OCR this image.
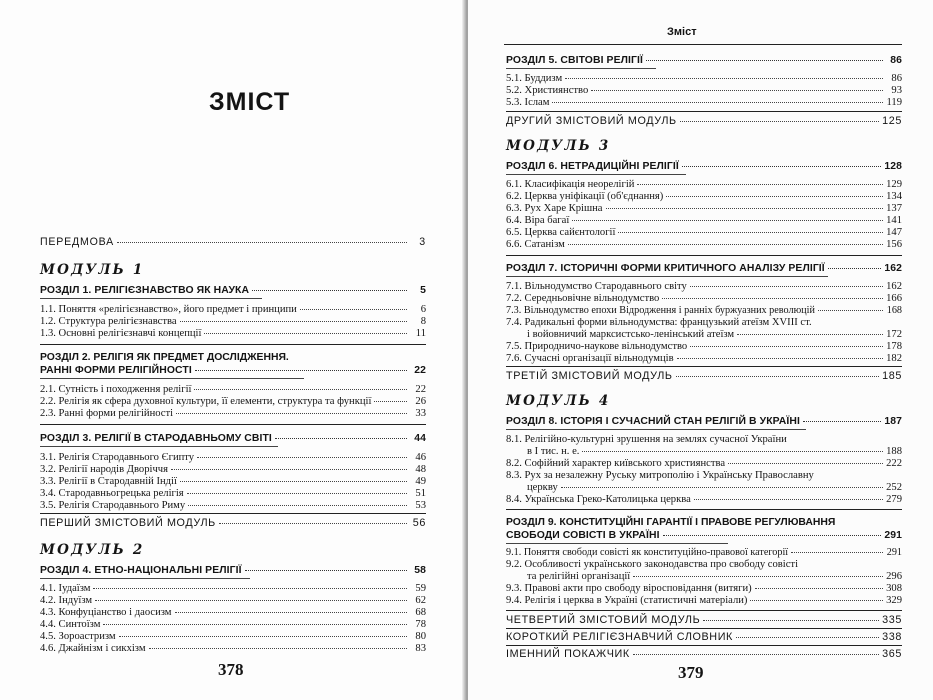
ЗМІСТ
ПЕРЕДМОВА	3
МОДУЛЬ 1
РОЗДІЛ 1. РЕЛІГІЄЗНАВСТВО ЯК НАУКА	5
1.1. Поняття «релігієзнавство», його предмет і принципи	6
1.2. Структура релігієзнавства	8
1.3. Основні релігієзнавчі концепції	11
РОЗДІЛ 2. РЕЛІГІЯ ЯК ПРЕДМЕТ ДОСЛІДЖЕННЯ.
РАННІ ФОРМИ РЕЛІГІЙНОСТІ	22
2.1. Сутність і походження релігії	22
2.2. Релігія як сфера духовної культури, її елементи, структура та функції	26
2.3. Ранні форми релігійності	33
РОЗДІЛ 3. РЕЛІГІЇ В СТАРОДАВНЬОМУ СВІТІ	44
3.1. Релігія Стародавнього Єгипту	46
3.2. Релігії народів Дворіччя	48
3.3. Релігії в Стародавній Індії	49
3.4. Стародавньогрецька релігія	51
3.5. Релігія Стародавнього Риму	53
ПЕРШИЙ ЗМІСТОВИЙ МОДУЛЬ	56
МОДУЛЬ 2
РОЗДІЛ 4. ЕТНО-НАЦІОНАЛЬНІ РЕЛІГІЇ	58
4.1. Іудаїзм	59
4.2. Індуїзм	62
4.3. Конфуціанство і даосизм	68
4.4. Синтоїзм	78
4.5. Зороастризм	80
4.6. Джайнізм і сикхізм	83
378
Зміст
РОЗДІЛ 5. СВІТОВІ РЕЛІГІЇ	86
5.1. Буддизм	86
5.2. Християнство	93
5.3. Іслам	119
ДРУГИЙ ЗМІСТОВИЙ МОДУЛЬ	125
МОДУЛЬ 3
РОЗДІЛ 6. НЕТРАДИЦІЙНІ РЕЛІГІЇ	128
6.1. Класифікація неорелігій	129
6.2. Церква уніфікації (об'єднання)	134
6.3. Рух Харе Крішна	137
6.4. Віра багаї	141
6.5. Церква сайєнтології	147
6.6. Сатанізм	156
РОЗДІЛ 7. ІСТОРИЧНІ ФОРМИ КРИТИЧНОГО АНАЛІЗУ РЕЛІГІЇ	162
7.1. Вільнодумство Стародавнього світу	162
7.2. Середньовічне вільнодумство	166
7.3. Вільнодумство епохи Відродження і ранніх буржуазних революцій	168
7.4. Радикальні форми вільнодумства: французький атеїзм XVIII ст.
і войовничий марксистсько-ленінський атеїзм	172
7.5. Природничо-наукове вільнодумство	178
7.6. Сучасні організації вільнодумців	182
ТРЕТІЙ ЗМІСТОВИЙ МОДУЛЬ	185
МОДУЛЬ 4
РОЗДІЛ 8. ІСТОРІЯ І СУЧАСНИЙ СТАН РЕЛІГІЙ В УКРАЇНІ	187
8.1. Релігійно-культурні зрушення на землях сучасної України
в І тис. н. е.	188
8.2. Софійний характер київського християнства	222
8.3. Рух за незалежну Руську митрополію і Українську Православну
церкву	252
8.4. Українська Греко-Католицька церква	279
РОЗДІЛ 9. КОНСТИТУЦІЙНІ ГАРАНТІЇ І ПРАВОВЕ РЕГУЛЮВАННЯ
СВОБОДИ СОВІСТІ В УКРАЇНІ	291
9.1. Поняття свободи совісті як конституційно-правової категорії	291
9.2. Особливості українського законодавства про свободу совісті
та релігійні організації	296
9.3. Правові акти про свободу віросповідання (витяги)	308
9.4. Релігія і церква в Україні (статистичні матеріали)	329
ЧЕТВЕРТИЙ ЗМІСТОВИЙ МОДУЛЬ	335
КОРОТКИЙ РЕЛІГІЄЗНАВЧИЙ СЛОВНИК	338
ІМЕННИЙ ПОКАЖЧИК	365
379
